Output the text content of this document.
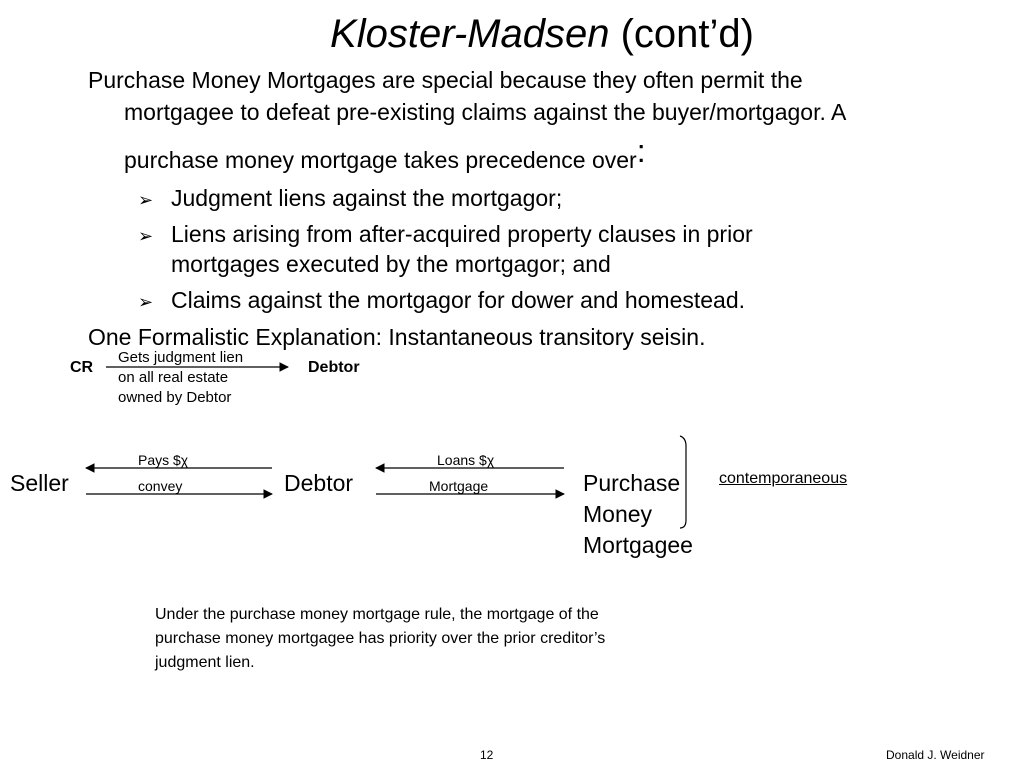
Kloster-Madsen (cont’d)
Purchase Money Mortgages are special because they often permit the
mortgagee to defeat pre-existing claims against the buyer/mortgagor. A
purchase money mortgage takes precedence over:
➢ Judgment liens against the mortgagor;
➢ Liens arising from after-acquired property clauses in prior
mortgages executed by the mortgagor; and
➢ Claims against the mortgagor for dower and homestead.
One Formalistic Explanation: Instantaneous transitory seisin.
CR	Debtor
Gets judgment lien
on all real estate
owned by Debtor
Seller	Debtor	Purchase
Money
Mortgagee
Pays $χ
convey
Loans $χ
Mortgage	contemporaneous
Under the purchase money mortgage rule, the mortgage of the
purchase money mortgagee has priority over the prior creditor’s
judgment lien.
12	Donald J. Weidner
